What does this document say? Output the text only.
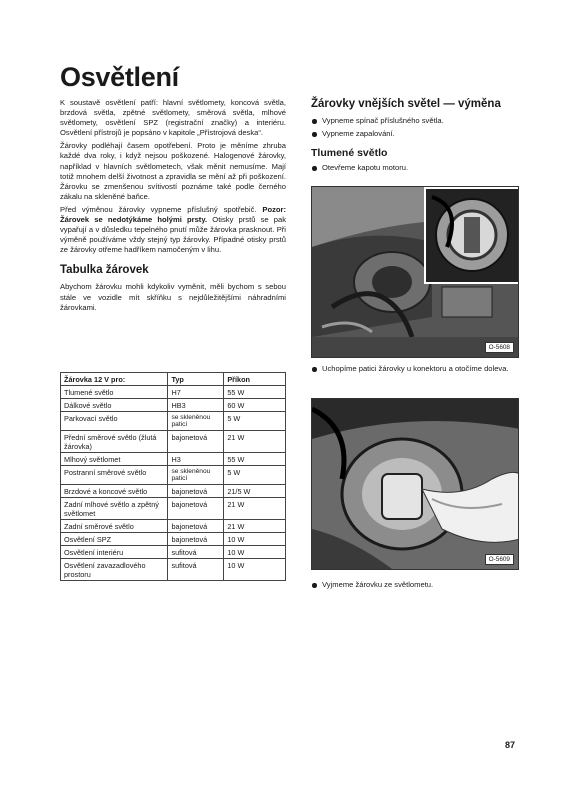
Osvětlení

K soustavě osvětlení patří: hlavní světlomety, koncová světla, brzdová světla, zpětné světlomety, směrová světla, mlhové světlomety, osvětlení SPZ (registrační značky) a interiéru. Osvětlení přístrojů je popsáno v kapitole „Přístrojová deska“.

Žárovky podléhají časem opotřebení. Proto je měníme zhruba každé dva roky, i když nejsou poškozené. Halogenové žárovky, například v hlavních světlometech, však měnit nemusíme. Mají totiž mnohem delší životnost a zpravidla se mění až při poškození. Žárovku se zmenšenou svítivostí poznáme také podle černého zákalu na skleněné baňce.

Před výměnou žárovky vypneme příslušný spotřebič. Pozor: Žárovek se nedotýkáme holými prsty. Otisky prstů se pak vypařují a v důsledku tepelného pnutí může žárovka prasknout. Při výměně používáme vždy stejný typ žárovky. Případné otisky prstů ze žárovky otřeme hadříkem namočeným v lihu.

Tabulka žárovek

Abychom žárovku mohli kdykoliv vyměnit, měli bychom s sebou stále ve vozidle mít skříňku s nejdůležitějšími náhradními žárovkami.

Žárovka 12 V pro:	Typ	Příkon
Tlumené světlo	H7	55 W
Dálkové světlo	HB3	60 W
Parkovací světlo	se skleněnou paticí	5 W
Přední směrové světlo (žlutá žárovka)	bajonetová	21 W
Mlhový světlomet	H3	55 W
Postranní směrové světlo	se skleněnou paticí	5 W
Brzdové a koncové světlo	bajonetová	21/5 W
Zadní mlhové světlo a zpětný světlomet	bajonetová	21 W
Zadní směrové světlo	bajonetová	21 W
Osvětlení SPZ	bajonetová	10 W
Osvětlení interiéru	sufitová	10 W
Osvětlení zavazadlového prostoru	sufitová	10 W
Žárovky vnějších světel — výměna
Vypneme spínač příslušného světla.
Vypneme zapalování.
Tlumené světlo
Otevřeme kapotu motoru.
O-5608
Uchopíme patici žárovky u konektoru a otočíme doleva.
O-5609
Vyjmeme žárovku ze světlometu.
87
